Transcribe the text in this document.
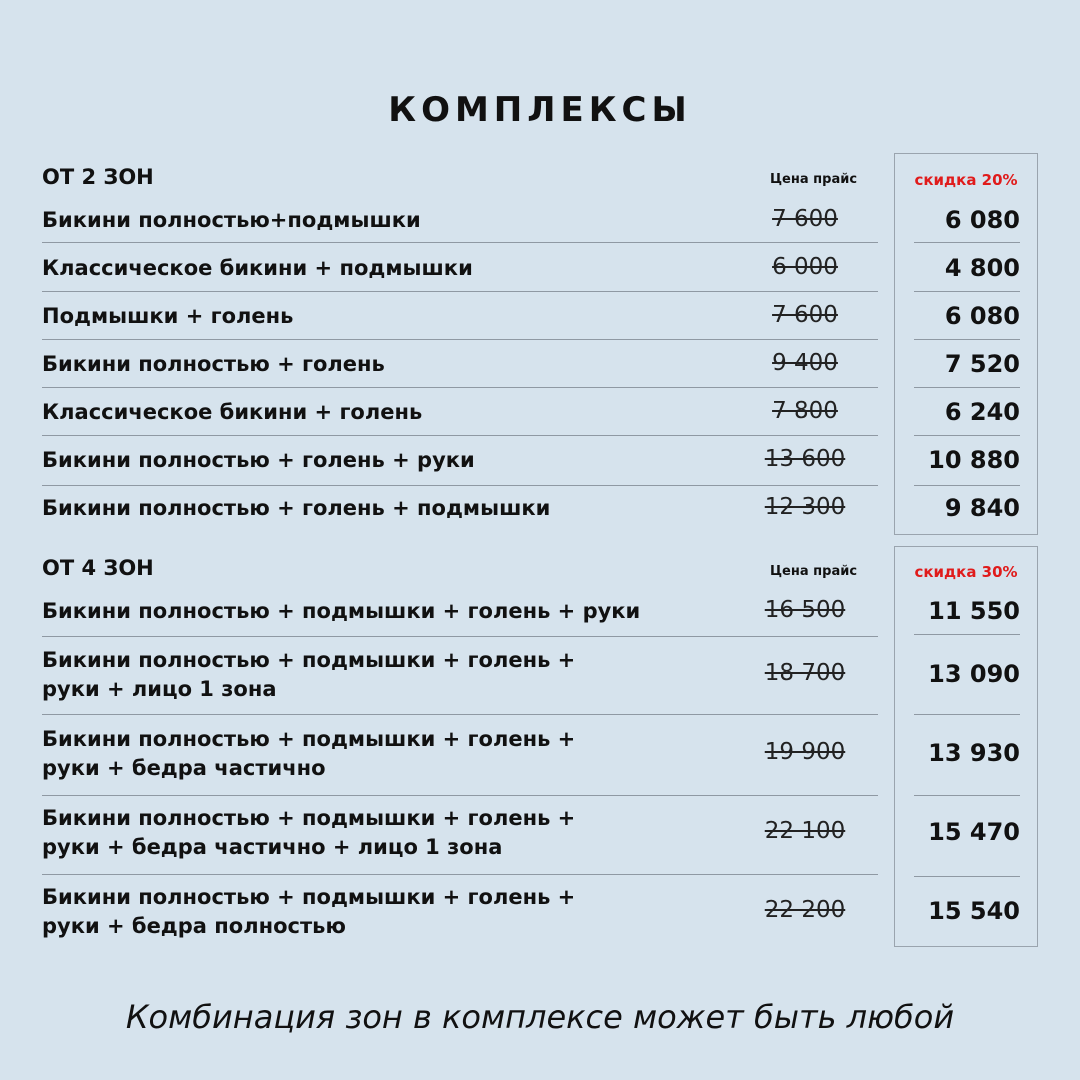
КОМПЛЕКСЫ
ОТ 2 ЗОН	Цена прайс	скидка 20%
Бикини полностью+подмышки	7 600	6 080
Классическое бикини + подмышки	6 000	4 800
Подмышки + голень	7 600	6 080
Бикини полностью + голень	9 400	7 520
Классическое бикини + голень	7 800	6 240
Бикини полностью + голень + руки	13 600	10 880
Бикини полностью + голень + подмышки	12 300	9 840
ОТ 4 ЗОН	Цена прайс	скидка 30%
Бикини полностью + подмышки + голень + руки	16 500	11 550
Бикини полностью + подмышки + голень +
руки + лицо 1 зона
18 700	13 090
Бикини полностью + подмышки + голень +
руки + бедра частично
19 900	13 930
Бикини полностью + подмышки + голень +
руки + бедра частично + лицо 1 зона
22 100	15 470
Бикини полностью + подмышки + голень +
руки + бедра полностью
22 200	15 540
Комбинация зон в комплексе может быть любой
